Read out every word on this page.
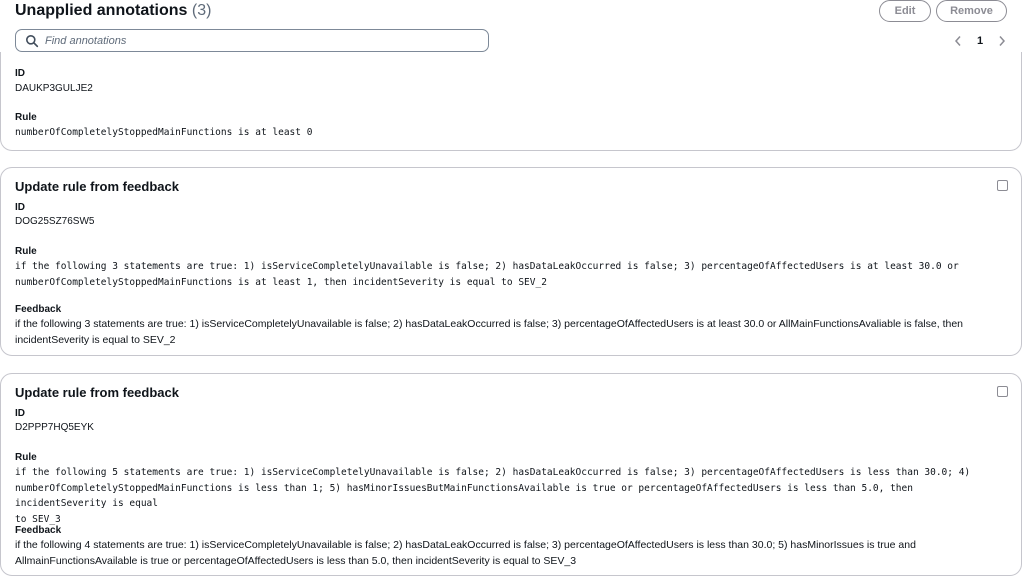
Unapplied annotations (3)	Edit	Remove
Find annotations
1
ID
DAUKP3GULJE2
Rule
numberOfCompletelyStoppedMainFunctions is at least 0
Update rule from feedback
ID
DOG25SZ76SW5
Rule
if the following 3 statements are true: 1) isServiceCompletelyUnavailable is false; 2) hasDataLeakOccurred is false; 3) percentageOfAffectedUsers is at least 30.0 or
numberOfCompletelyStoppedMainFunctions is at least 1, then incidentSeverity is equal to SEV_2
Feedback
if the following 3 statements are true: 1) isServiceCompletelyUnavailable is false; 2) hasDataLeakOccurred is false; 3) percentageOfAffectedUsers is at least 30.0 or AllMainFunctionsAvaliable is false, then
incidentSeverity is equal to SEV_2
Update rule from feedback
ID
D2PPP7HQ5EYK
Rule
if the following 5 statements are true: 1) isServiceCompletelyUnavailable is false; 2) hasDataLeakOccurred is false; 3) percentageOfAffectedUsers is less than 30.0; 4)
numberOfCompletelyStoppedMainFunctions is less than 1; 5) hasMinorIssuesButMainFunctionsAvailable is true or percentageOfAffectedUsers is less than 5.0, then incidentSeverity is equal
to SEV_3
Feedback
if the following 4 statements are true: 1) isServiceCompletelyUnavailable is false; 2) hasDataLeakOccurred is false; 3) percentageOfAffectedUsers is less than 30.0; 5) hasMinorIssues is true and
AllmainFunctionsAvailable is true or percentageOfAffectedUsers is less than 5.0, then incidentSeverity is equal to SEV_3
